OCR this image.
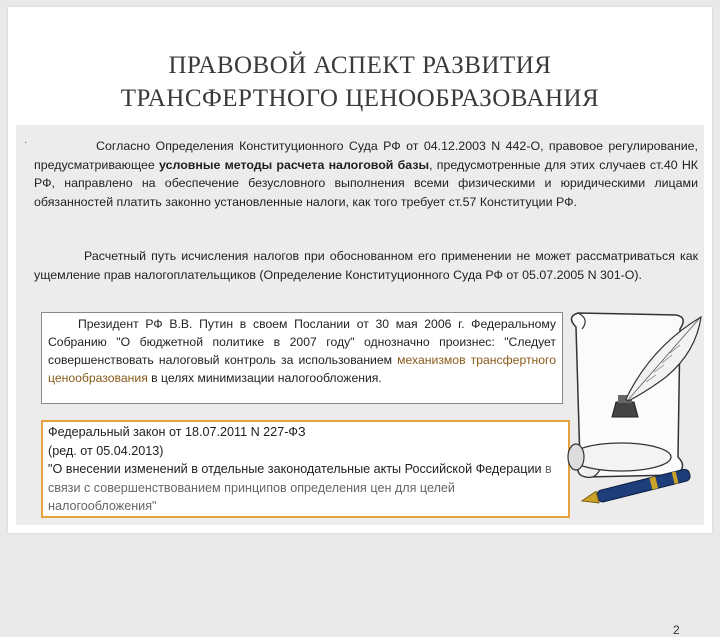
ПРАВОВОЙ АСПЕКТ РАЗВИТИЯ
ТРАНСФЕРТНОГО ЦЕНООБРАЗОВАНИЯ
·	Согласно Определения Конституционного Суда РФ от 04.12.2003 N 442-О, правовое регулирование, предусматривающее условные методы расчета налоговой базы, предусмотренные для этих случаев ст.40 НК РФ, направлено на обеспечение безусловного выполнения всеми физическими и юридическими лицами обязанностей платить законно установленные налоги, как того требует ст.57 Конституции РФ.
Расчетный путь исчисления налогов при обоснованном его применении не может рассматриваться как ущемление прав налогоплательщиков (Определение Конституционного Суда РФ от 05.07.2005 N 301-О).
Президент РФ В.В. Путин в своем Послании от 30 мая 2006 г. Федеральному Собранию "О бюджетной политике в 2007 году" однозначно произнес: "Следует совершенствовать налоговый контроль за использованием механизмов трансфертного ценообразования в целях минимизации налогообложения.
Федеральный закон от 18.07.2011 N 227-ФЗ
(ред. от 05.04.2013)
"О внесении изменений в отдельные законодательные акты Российской Федерации в связи с совершенствованием принципов определения цен для целей налогообложения"
2
